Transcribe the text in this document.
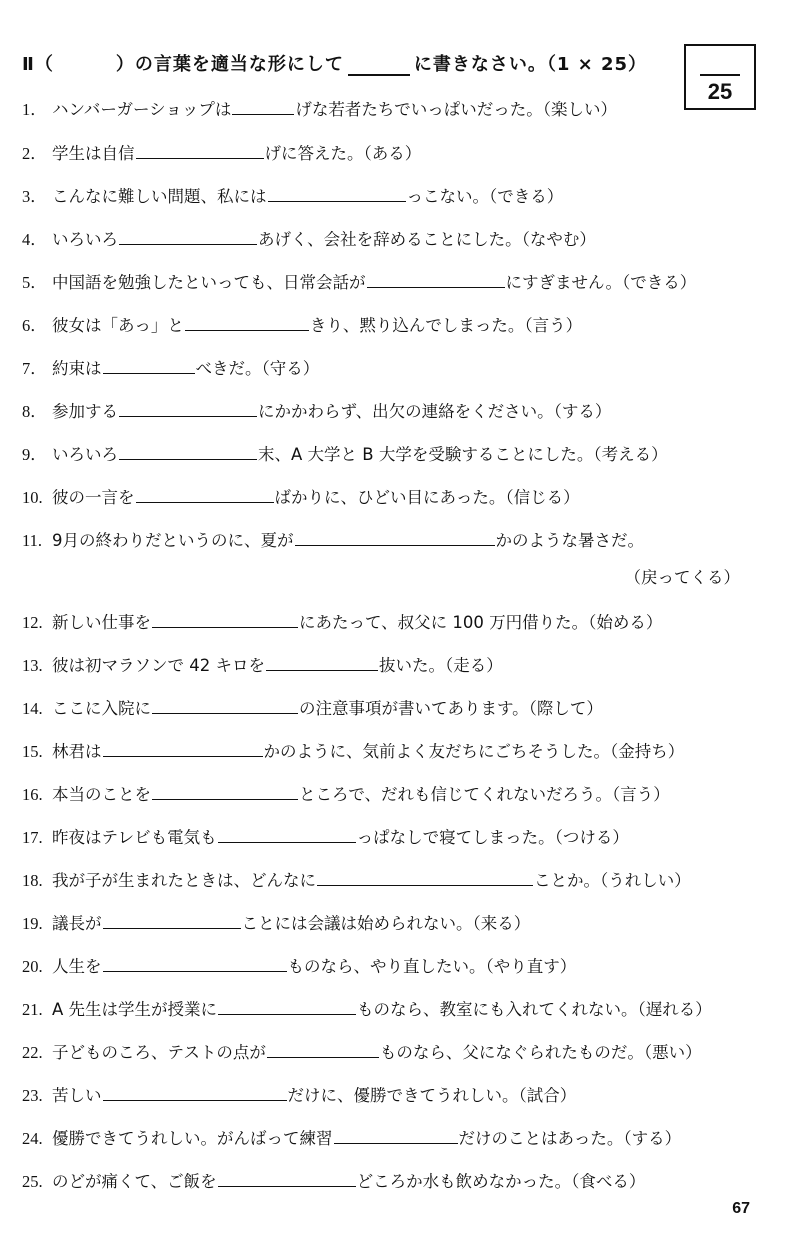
Ⅱ（	）の言葉を適当な形にして	に書きなさい。（1 × 25）
25
1． ハンバーガーショップは	げな若者たちでいっぱいだった。（楽しい）
2． 学生は自信	げに答えた。（ある）
3． こんなに難しい問題、私には	っこない。（できる）
4． いろいろ	あげく、会社を辞めることにした。（なやむ）
5． 中国語を勉強したといっても、日常会話が	にすぎません。（できる）
6． 彼女は「あっ」と	きり、黙り込んでしまった。（言う）
7． 約束は	べきだ。（守る）
8． 参加する	にかかわらず、出欠の連絡をください。（する）
9． いろいろ	末、A 大学と B 大学を受験することにした。（考える）
10. 彼の一言を	ばかりに、ひどい目にあった。（信じる）
11. 9月の終わりだというのに、夏が	かのような暑さだ。
12. 新しい仕事を	にあたって、叔父に 100 万円借りた。（始める）
13. 彼は初マラソンで 42 キロを	抜いた。（走る）
14. ここに入院に	の注意事項が書いてあります。（際して）
15. 林君は	かのように、気前よく友だちにごちそうした。（金持ち）
16. 本当のことを	ところで、だれも信じてくれないだろう。（言う）
17. 昨夜はテレビも電気も	っぱなしで寝てしまった。（つける）
18. 我が子が生まれたときは、どんなに	ことか。（うれしい）
19. 議長が	ことには会議は始められない。（来る）
20. 人生を	ものなら、やり直したい。（やり直す）
21. A 先生は学生が授業に	ものなら、教室にも入れてくれない。（遅れる）
22. 子どものころ、テストの点が	ものなら、父になぐられたものだ。（悪い）
23. 苦しい	だけに、優勝できてうれしい。（試合）
24. 優勝できてうれしい。がんばって練習	だけのことはあった。（する）
25. のどが痛くて、ご飯を	どころか水も飲めなかった。（食べる）
（戻ってくる）
67
